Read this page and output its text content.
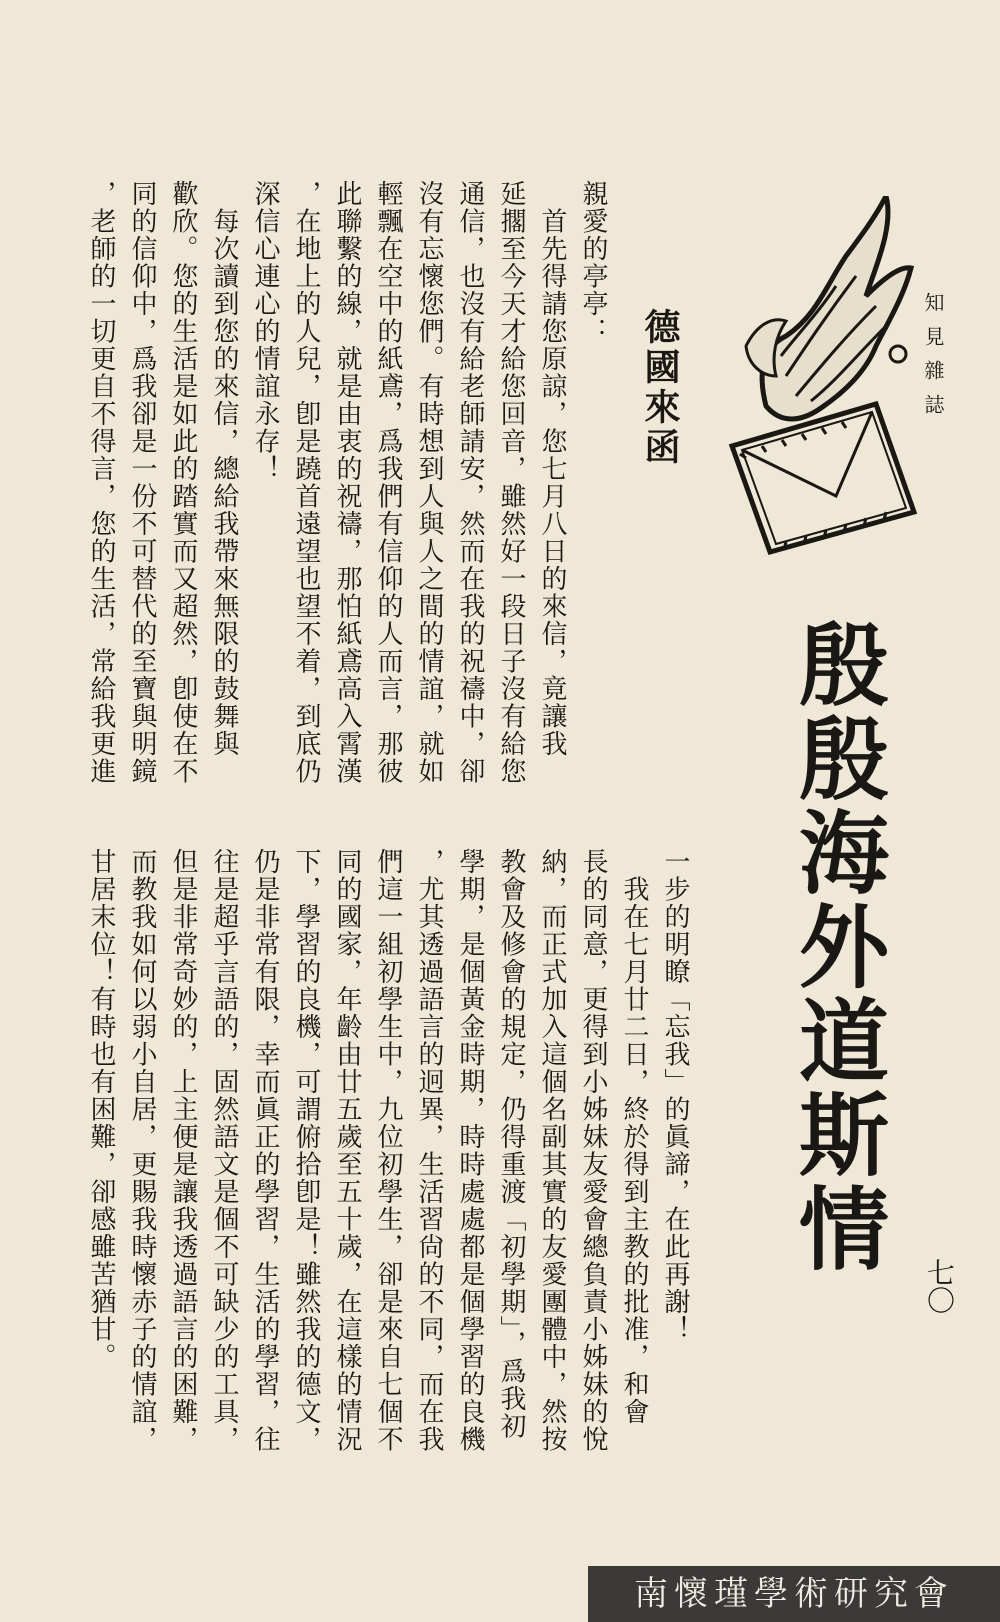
殷殷海外道斯情
德國來函
七〇
知見雜誌
親愛的亭亭：
　首先得請您原諒，您七月八日的來信，竟讓我
延擱至今天才給您回音，雖然好一段日子沒有給您
通信，也沒有給老師請安，然而在我的祝禱中，卻
沒有忘懷您們。有時想到人與人之間的情誼，就如
輕飄在空中的紙鳶，爲我們有信仰的人而言，那彼
此聯繫的線，就是由衷的祝禱，那怕紙鳶高入霄漢
，在地上的人兒，卽是蹺首遠望也望不着，到底仍
深信心連心的情誼永存！
　每次讀到您的來信，總給我帶來無限的鼓舞與
歡欣。您的生活是如此的踏實而又超然，卽使在不
同的信仰中，爲我卻是一份不可替代的至寶與明鏡
，老師的一切更自不得言，您的生活，常給我更進
一步的明瞭「忘我」的眞諦，在此再謝！
　我在七月廿二日，終於得到主教的批准，和會
長的同意，更得到小姊妹友愛會總負責小姊妹的悅
納，而正式加入這個名副其實的友愛團體中，然按
教會及修會的規定，仍得重渡「初學期」，爲我初
學期，是個黃金時期，時時處處都是個學習的良機
，尤其透過語言的迥異，生活習尙的不同，而在我
們這一組初學生中，九位初學生，卻是來自七個不
同的國家，年齡由廿五歲至五十歲，在這樣的情況
下，學習的良機，可謂俯拾卽是！雖然我的德文，
仍是非常有限，幸而眞正的學習，生活的學習，往
往是超乎言語的，固然語文是個不可缺少的工具，
但是非常奇妙的，上主便是讓我透過語言的困難，
而教我如何以弱小自居，更賜我時懷赤子的情誼，
甘居末位！有時也有困難，卻感雖苦猶甘。
南懷瑾學術研究會
